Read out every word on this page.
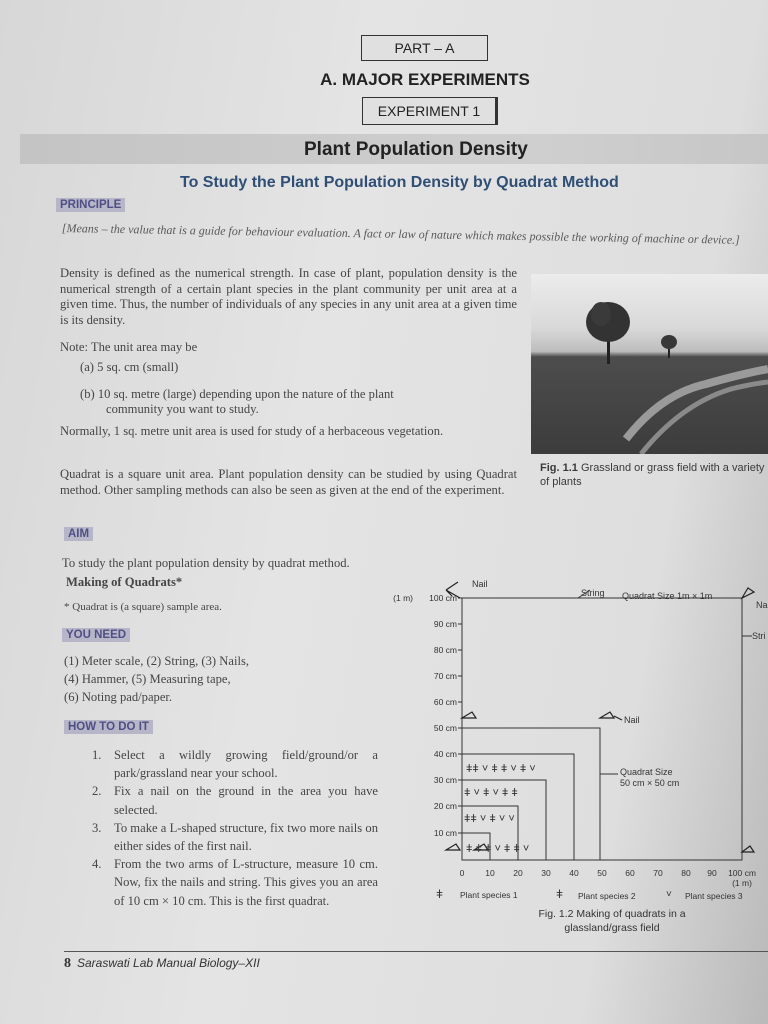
PART – A
A. MAJOR EXPERIMENTS
EXPERIMENT 1
Plant Population Density
To Study the Plant Population Density by Quadrat Method
PRINCIPLE
[Means – the value that is a guide for behaviour evaluation. A fact or law of nature which makes possible the working of machine or device.]
Density is defined as the numerical strength. In case of plant, population density is the numerical strength of a certain plant species in the plant community per unit area at a given time. Thus, the number of individuals of any species in any unit area at a given time is its density.
Note: The unit area may be
(a) 5 sq. cm (small)
(b) 10 sq. metre (large) depending upon the nature of the plant
community you want to study.
Normally, 1 sq. metre unit area is used for study of a herbaceous vegetation.
Quadrat is a square unit area. Plant population density can be studied by using Quadrat method. Other sampling methods can also be seen as given at the end of the experiment.
Fig. 1.1 Grassland or grass field with a variety of plants
AIM
To study the plant population density by quadrat method.
Making of Quadrats*
* Quadrat is (a square) sample area.
YOU NEED
(1) Meter scale, (2) String, (3) Nails,
(4) Hammer, (5) Measuring tape,
(6) Noting pad/paper.
HOW TO DO IT
1. Select a wildly growing field/ground/or a park/grassland near your school.
2. Fix a nail on the ground in the area you have selected.
3. To make a L-shaped structure, fix two more nails on either sides of the first nail.
4. From the two arms of L-structure, measure 10 cm. Now, fix the nails and string. This gives you an area of 10 cm × 10 cm. This is the first quadrat.
ǂǂ ˅ ǂ ǂ ˅ ǂ ˅
ǂ ˅ ǂ ˅ ǂ ǂ
ǂǂ ˅ ǂ ˅ ˅
ǂ ǂ ǂ ˅ ǂ ǂ ˅
10 cm
20 cm
30 cm
40 cm
50 cm
60 cm
70 cm
80 cm
90 cm
100 cm
(1 m)
0 10 20 30 40 50 60 70 80 90 100 cm
(1 m)
Nail
String Quadrat Size 1m × 1m
Na
Stri
Nail
Quadrat Size
50 cm × 50 cm
ǂ Plant species 1	ǂ Plant species 2	˅ Plant species 3
Fig. 1.2 Making of quadrats in a
glassland/grass field
8 Saraswati Lab Manual Biology–XII
